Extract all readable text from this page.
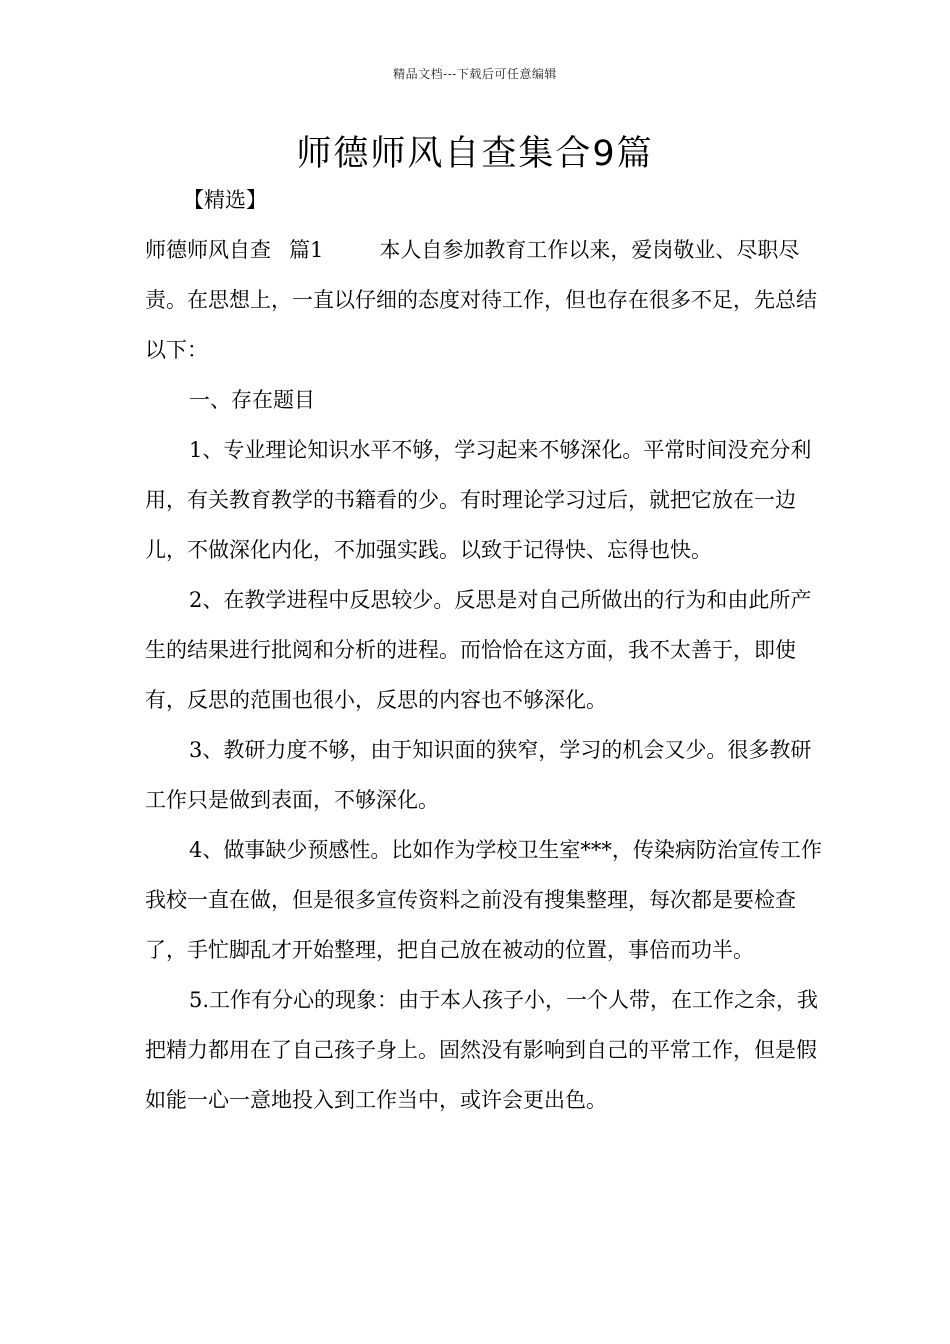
精品文档---下载后可任意编辑
师德师风自查集合9篇
【精选】

师德师风自查 篇1	本人自参加教育工作以来，爱岗敬业、尽职尽责。在思想上，一直以仔细的态度对待工作，但也存在很多不足，先总结以下：

一、存在题目

1、专业理论知识水平不够，学习起来不够深化。平常时间没充分利用，有关教育教学的书籍看的少。有时理论学习过后，就把它放在一边儿，不做深化内化，不加强实践。以致于记得快、忘得也快。

2、在教学进程中反思较少。反思是对自己所做出的行为和由此所产生的结果进行批阅和分析的进程。而恰恰在这方面，我不太善于，即使有，反思的范围也很小，反思的内容也不够深化。

3、教研力度不够，由于知识面的狭窄，学习的机会又少。很多教研工作只是做到表面，不够深化。

4、做事缺少预感性。比如作为学校卫生室***，传染病防治宣传工作我校一直在做，但是很多宣传资料之前没有搜集整理，每次都是要检查了，手忙脚乱才开始整理，把自己放在被动的位置，事倍而功半。

5.工作有分心的现象：由于本人孩子小，一个人带，在工作之余，我把精力都用在了自己孩子身上。固然没有影响到自己的平常工作，但是假如能一心一意地投入到工作当中，或许会更出色。
